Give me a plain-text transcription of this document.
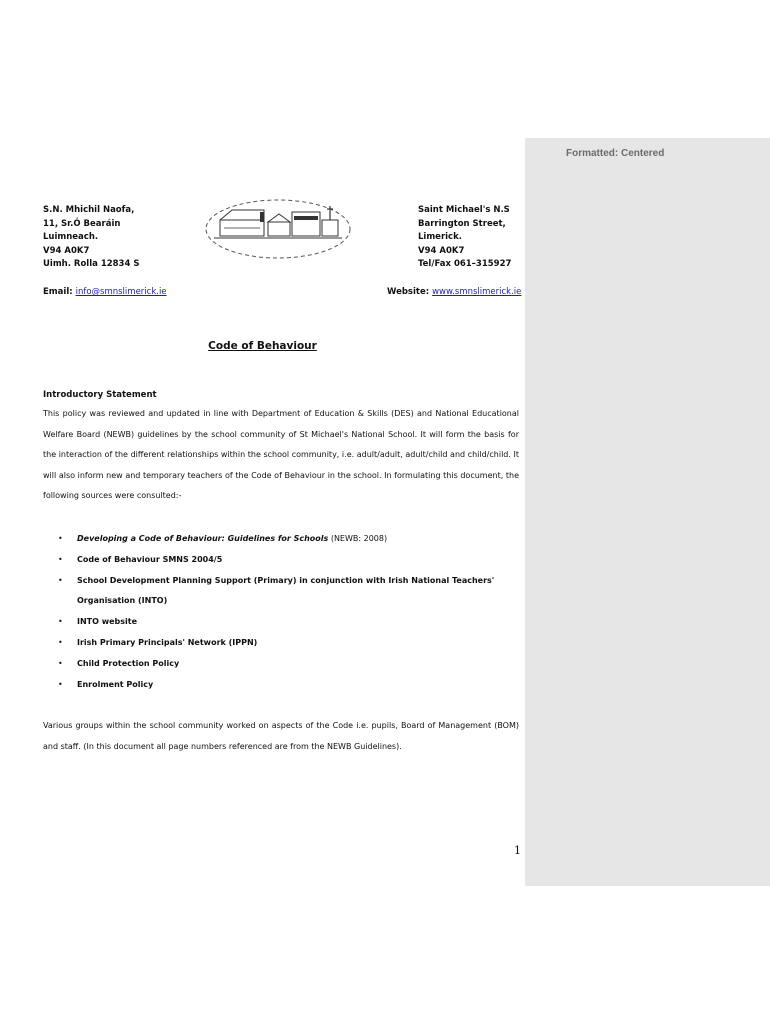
Formatted: Centered
S.N. Mhichil Naofa,
11, Sr.Ó Bearáin
Luimneach.
V94 A0K7
Uimh. Rolla 12834 S
Saint Michael's N.S
Barrington Street,
Limerick.
V94 A0K7
Tel/Fax 061–315927
Email: info@smnslimerick.ie	Website: www.smnslimerick.ie
Code of Behaviour
Introductory Statement
This policy was reviewed and updated in line with Department of Education & Skills (DES) and National Educational Welfare Board (NEWB) guidelines by the school community of St Michael's National School. It will form the basis for the interaction of the different relationships within the school community, i.e. adult/adult, adult/child and child/child. It will also inform new and temporary teachers of the Code of Behaviour in the school. In formulating this document, the following sources were consulted:-
• Developing a Code of Behaviour: Guidelines for Schools (NEWB: 2008)
• Code of Behaviour SMNS 2004/5
• School Development Planning Support (Primary) in conjunction with Irish National Teachers' Organisation (INTO)
• INTO website
• Irish Primary Principals' Network (IPPN)
• Child Protection Policy
• Enrolment Policy
Various groups within the school community worked on aspects of the Code i.e. pupils, Board of Management (BOM) and staff. (In this document all page numbers referenced are from the NEWB Guidelines).
1
